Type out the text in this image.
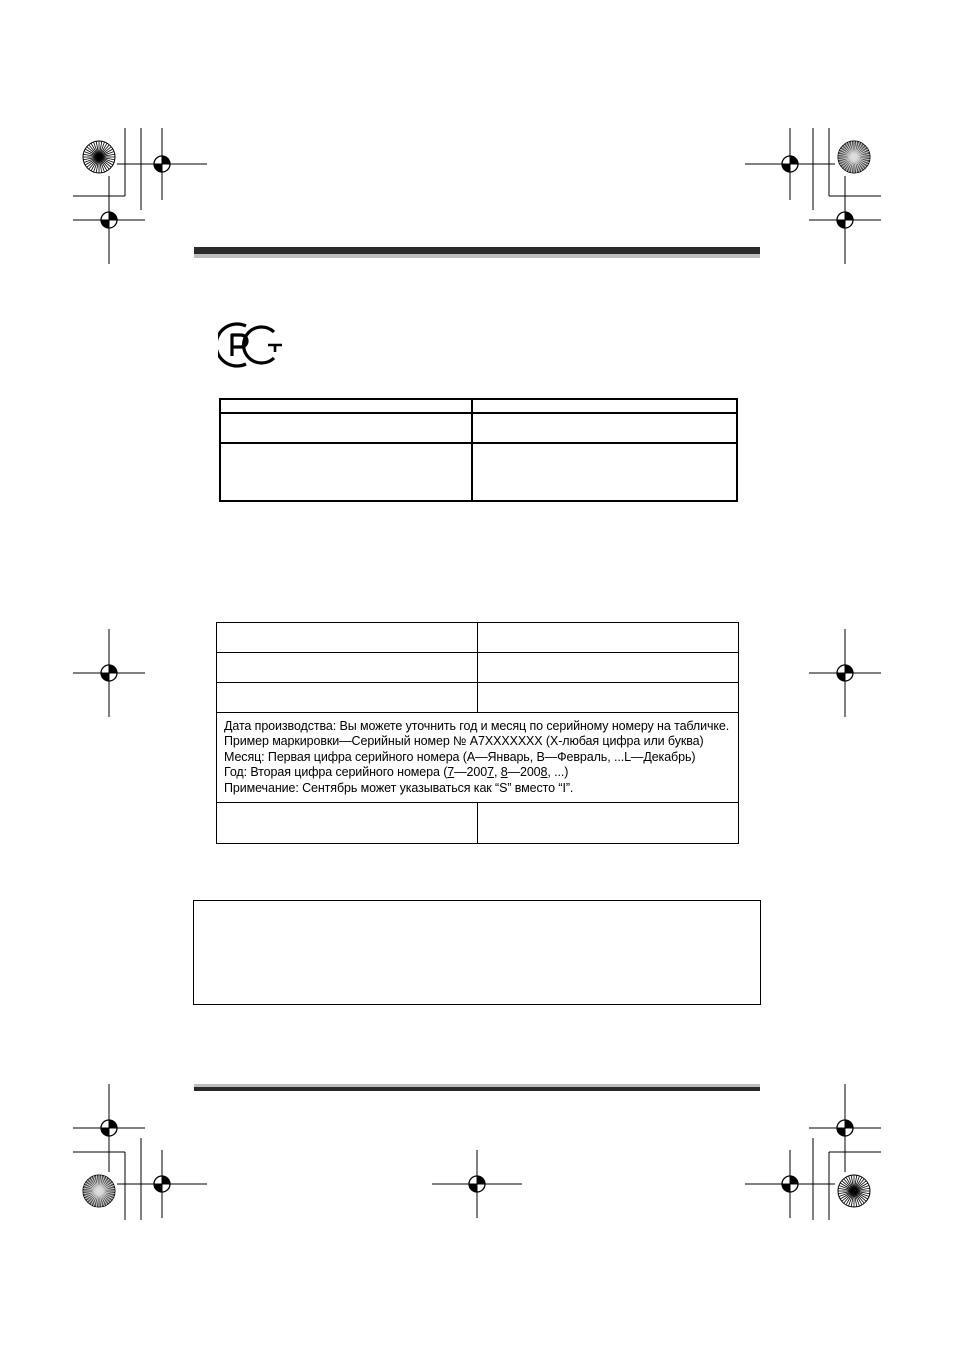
Дата производства: Вы можете уточнить год и месяц по серийному номеру на табличке.
Пример маркировки—Серийный номер № A7XXXXXXX (X-любая цифра или буква)
Месяц: Первая цифра серийного номера (A—Январь, B—Февраль, ...L—Декабрь)
Год: Вторая цифра серийного номера (7—2007, 8—2008, ...)
Примечание: Сентябрь может указываться как “S” вместо “I”.	
